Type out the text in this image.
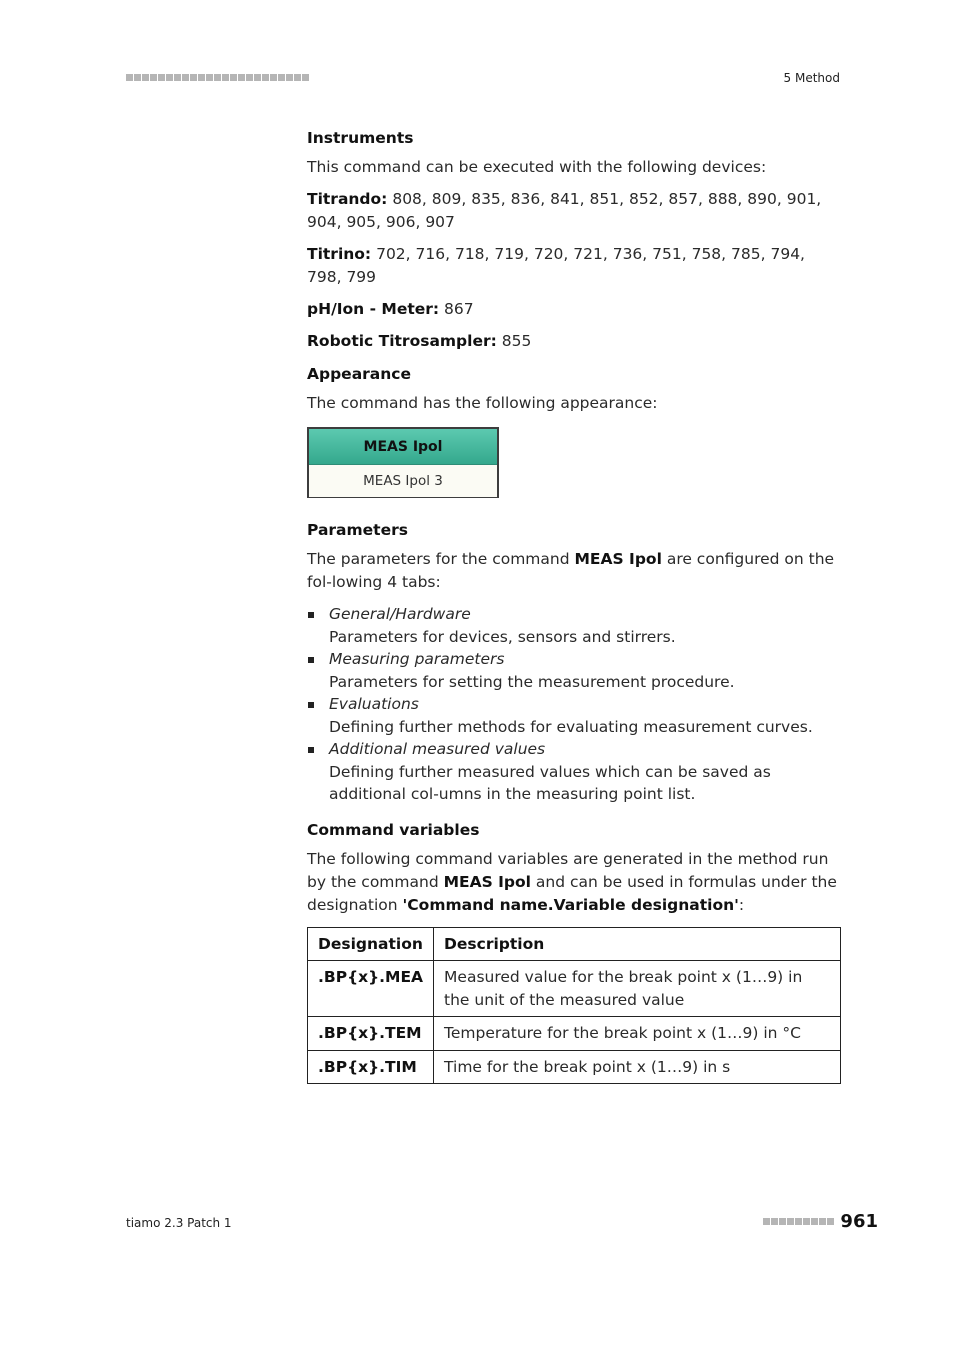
5 Method
Instruments

This command can be executed with the following devices:

Titrando: 808, 809, 835, 836, 841, 851, 852, 857, 888, 890, 901, 904, 905, 906, 907

Titrino: 702, 716, 718, 719, 720, 721, 736, 751, 758, 785, 794, 798, 799

pH/Ion - Meter: 867

Robotic Titrosampler: 855

Appearance

The command has the following appearance:

MEAS Ipol
MEAS Ipol 3
Parameters

The parameters for the command MEAS Ipol are configured on the fol-lowing 4 tabs:

General/Hardware
Parameters for devices, sensors and stirrers.
Measuring parameters
Parameters for setting the measurement procedure.
Evaluations
Defining further methods for evaluating measurement curves.
Additional measured values
Defining further measured values which can be saved as additional col-umns in the measuring point list.
Command variables

The following command variables are generated in the method run by the command MEAS Ipol and can be used in formulas under the designation 'Command name.Variable designation':

Designation	Description
.BP{x}.MEA	Measured value for the break point x (1…9) in the unit of the measured value
.BP{x}.TEM	Temperature for the break point x (1…9) in °C
.BP{x}.TIM	Time for the break point x (1…9) in s
tiamo 2.3 Patch 1	961
